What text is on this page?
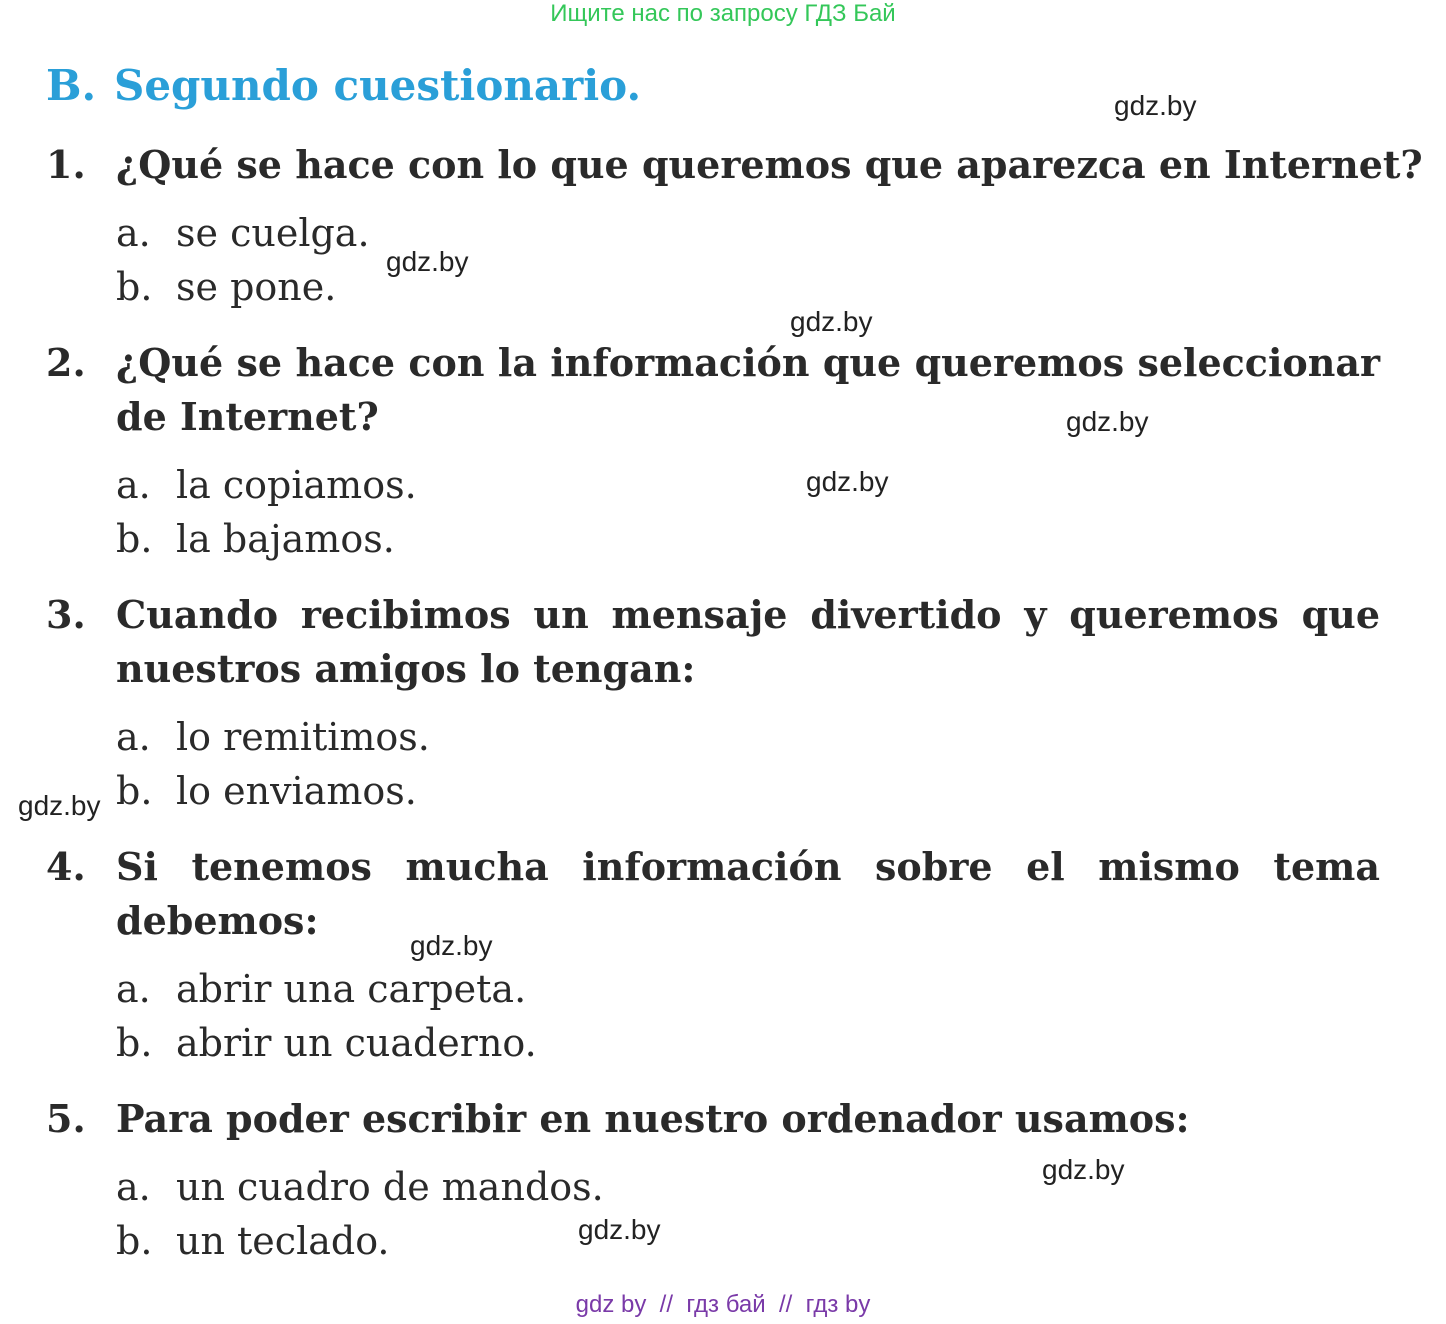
Ищите нас по запросу ГДЗ Бай
B. Segundo cuestionario.
1. ¿Qué se hace con lo que queremos que aparezca en Internet?
a. se cuelga.
b. se pone.
2. ¿Qué se hace con la información que queremos seleccionar de Internet?
a. la copiamos.
b. la bajamos.
3. Cuando recibimos un mensaje divertido y queremos que nuestros amigos lo tengan:
a. lo remitimos.
b. lo enviamos.
4. Si tenemos mucha información sobre el mismo tema debemos:
a. abrir una carpeta.
b. abrir un cuaderno.
5. Para poder escribir en nuestro ordenador usamos:
a. un cuadro de mandos.
b. un teclado.
gdz.by
gdz.by
gdz.by
gdz.by
gdz.by
gdz.by
gdz.by
gdz.by
gdz.by
gdz by  //  гдз бай  //  гдз by
